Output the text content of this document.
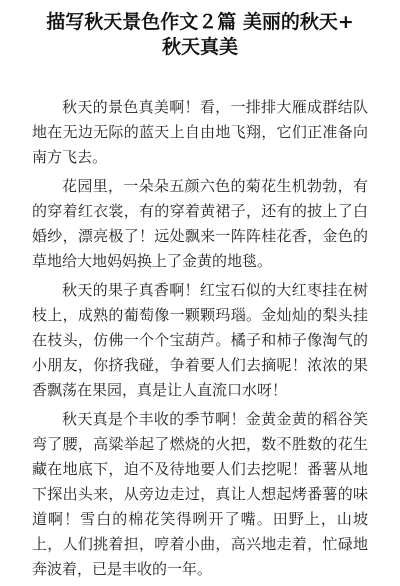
描写秋天景色作文２篇 美丽的秋天+
秋天真美

秋天的景色真美啊！看，一排排大雁成群结队地在无边无际的蓝天上自由地飞翔，它们正准备向南方飞去。

花园里，一朵朵五颜六色的菊花生机勃勃，有的穿着红衣裳，有的穿着黄裙子，还有的披上了白婚纱，漂亮极了！远处飘来一阵阵桂花香，金色的草地给大地妈妈换上了金黄的地毯。

秋天的果子真香啊！红宝石似的大红枣挂在树枝上，成熟的葡萄像一颗颗玛瑙。金灿灿的梨头挂在枝头，仿佛一个个宝葫芦。橘子和柿子像淘气的小朋友，你挤我碰，争着要人们去摘呢！浓浓的果香飘荡在果园，真是让人直流口水呀！

秋天真是个丰收的季节啊！金黄金黄的稻谷笑弯了腰，高粱举起了燃烧的火把，数不胜数的花生藏在地底下，迫不及待地要人们去挖呢！番薯从地下探出头来，从旁边走过，真让人想起烤番薯的味道啊！雪白的棉花笑得咧开了嘴。田野上，山坡上，人们挑着担，哼着小曲，高兴地走着，忙碌地奔波着，已是丰收的一年。
